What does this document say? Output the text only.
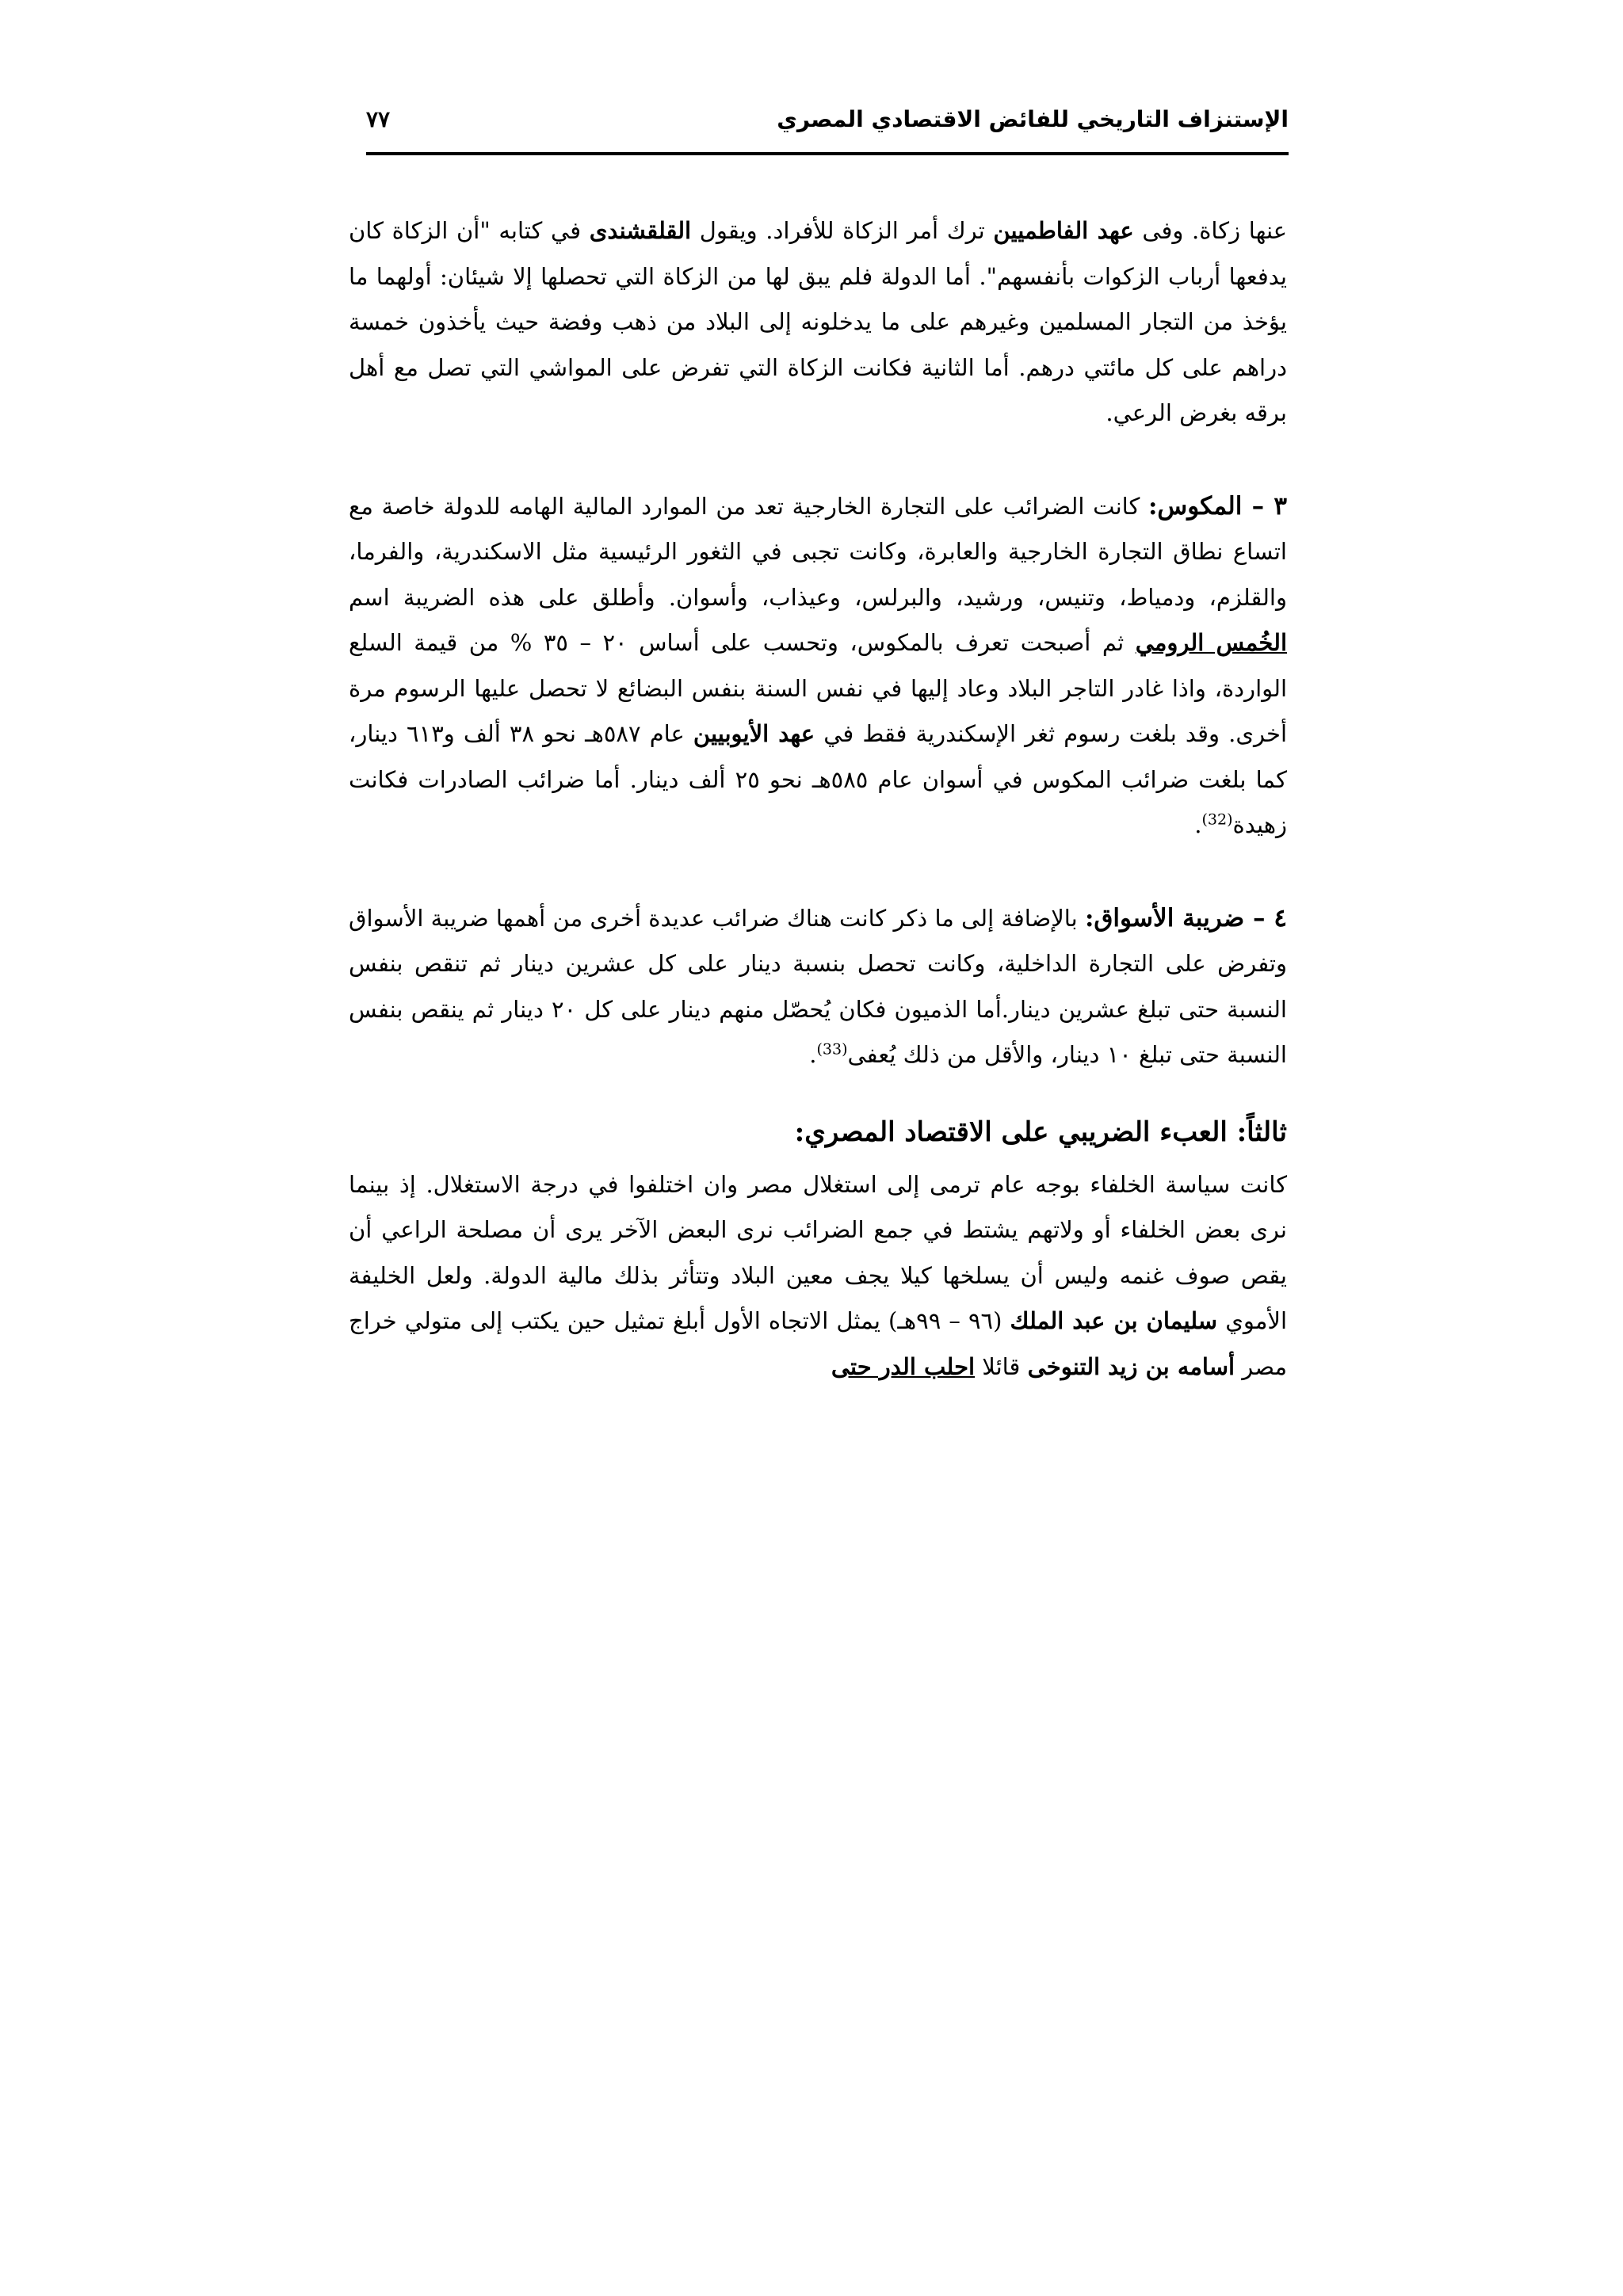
الإستنزاف التاريخي للفائض الاقتصادي المصري
٧٧

عنها زكاة. وفى عهد الفاطميين ترك أمر الزكاة للأفراد. ويقول القلقشندى في كتابه "أن الزكاة كان يدفعها أرباب الزكوات بأنفسهم". أما الدولة فلم يبق لها من الزكاة التي تحصلها إلا شيئان: أولهما ما يؤخذ من التجار المسلمين وغيرهم على ما يدخلونه إلى البلاد من ذهب وفضة حيث يأخذون خمسة دراهم على كل مائتي درهم. أما الثانية فكانت الزكاة التي تفرض على المواشي التي تصل مع أهل برقه بغرض الرعي.

٣ – المكوس: كانت الضرائب على التجارة الخارجية تعد من الموارد المالية الهامه للدولة خاصة مع اتساع نطاق التجارة الخارجية والعابرة، وكانت تجبى في الثغور الرئيسية مثل الاسكندرية، والفرما، والقلزم، ودمياط، وتنيس، ورشيد، والبرلس، وعيذاب، وأسوان. وأطلق على هذه الضريبة اسم الخُمس الرومي ثم أصبحت تعرف بالمكوس، وتحسب على أساس ٢٠ – ٣٥ % من قيمة السلع الواردة، واذا غادر التاجر البلاد وعاد إليها في نفس السنة بنفس البضائع لا تحصل عليها الرسوم مرة أخرى. وقد بلغت رسوم ثغر الإسكندرية فقط في عهد الأيوبيين عام ٥٨٧هـ نحو ٣٨ ألف و٦١٣ دينار، كما بلغت ضرائب المكوس في أسوان عام ٥٨٥هـ نحو ٢٥ ألف دينار. أما ضرائب الصادرات فكانت زهيدة$^{(32)}$.

٤ – ضريبة الأسواق: بالإضافة إلى ما ذكر كانت هناك ضرائب عديدة أخرى من أهمها ضريبة الأسواق وتفرض على التجارة الداخلية، وكانت تحصل بنسبة دينار على كل عشرين دينار ثم تنقص بنفس النسبة حتى تبلغ عشرين دينار.أما الذميون فكان يُحصّل منهم دينار على كل ٢٠ دينار ثم ينقص بنفس النسبة حتى تبلغ ١٠ دينار، والأقل من ذلك يُعفى$^{(33)}$.

ثالثاً: العبء الضريبي على الاقتصاد المصري:

كانت سياسة الخلفاء بوجه عام ترمى إلى استغلال مصر وان اختلفوا في درجة الاستغلال. إذ بينما نرى بعض الخلفاء أو ولاتهم يشتط في جمع الضرائب نرى البعض الآخر يرى أن مصلحة الراعي أن يقص صوف غنمه وليس أن يسلخها كيلا يجف معين البلاد وتتأثر بذلك مالية الدولة. ولعل الخليفة الأموي سليمان بن عبد الملك (٩٦ – ٩٩هـ) يمثل الاتجاه الأول أبلغ تمثيل حين يكتب إلى متولي خراج مصر أسامه بن زيد التنوخى قائلا احلب الدر حتى
